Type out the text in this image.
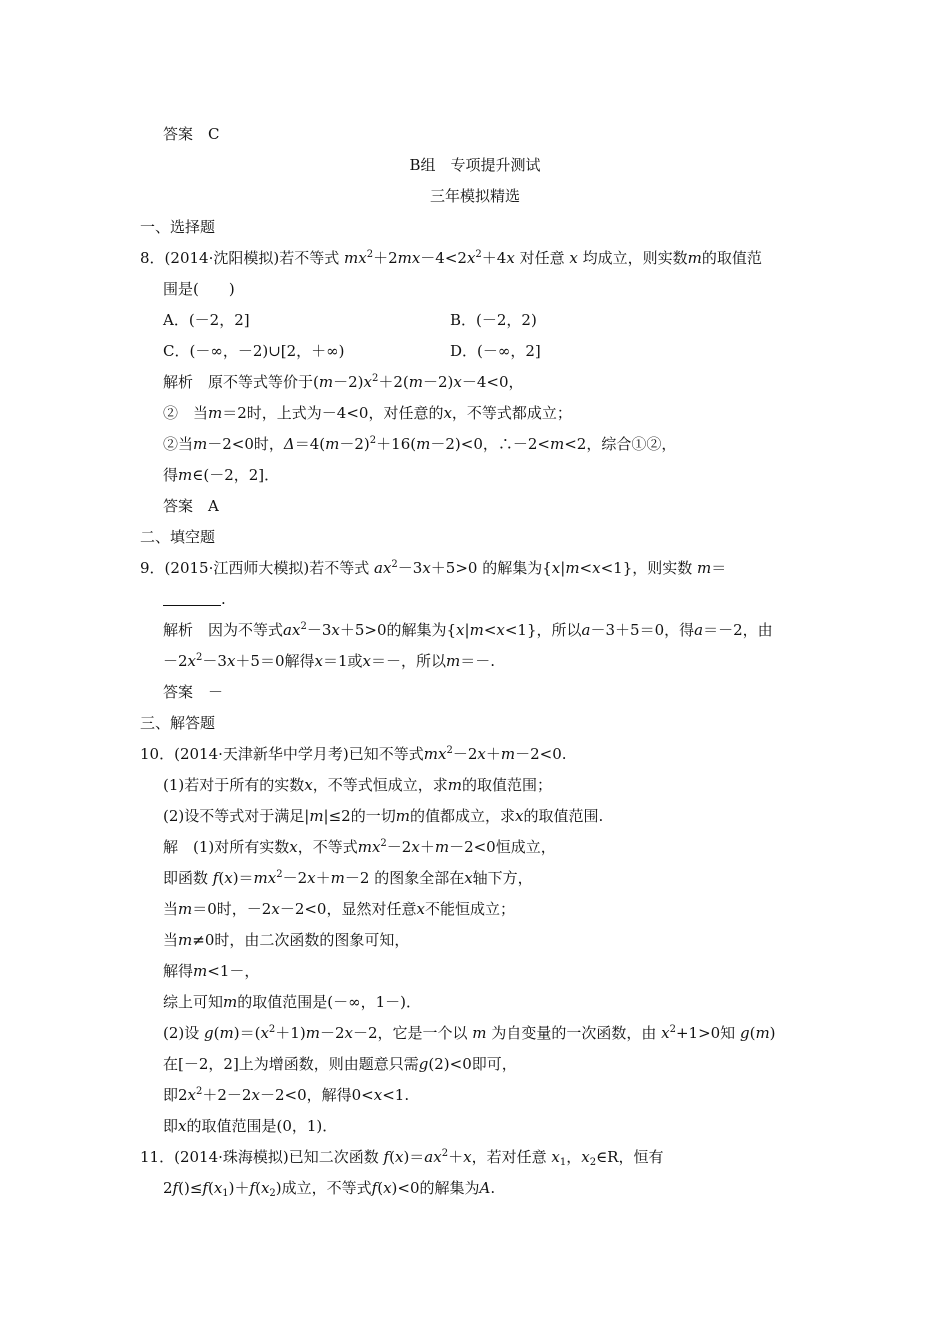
答案　C
B组　专项提升测试
三年模拟精选
一、选择题
8．(2014·沈阳模拟)若不等式 $mx^2+2mx-4<2x^2+4x$ 对任意 x 均成立，则实数m的取值范
围是(　　)
A．(－2，2]	B．(－2，2)
C．(－∞，－2)∪[2，＋∞)	D．(－∞，2]
解析　 原不等式等价于$(m-2)x^2+2(m-2)x-4<0$，
②　当m＝2时，上式为－4<0，对任意的x，不等式都成立；
②当m－2<0时，$\Delta=4(m-2)^2+16(m-2)<0$，∴－2<m<2，综合①②，
得m∈(－2，2]．
答案　A
二、填空题
9．(2015·江西师大模拟)若不等式 $ax^2-3x+5>0$ 的解集为{x|m<x<1}，则实数 m＝
.
解析　 因为不等式$ax^2-3x+5>0$的解集为{x|m<x<1}，所以a－3＋5＝0，得a＝－2，由
$-2x^2-3x+5=0$解得x＝1或x＝－，所以m＝－.
答案　－
三、解答题
10．(2014·天津新华中学月考)已知不等式$mx^2-2x+m-2<0$.
(1)若对于所有的实数x，不等式恒成立，求m的取值范围；
(2)设不等式对于满足|m|≤2的一切m的值都成立，求x的取值范围.
解　(1)对所有实数x，不等式$mx^2-2x+m-2<0$恒成立，
即函数 $f(x)=mx^2-2x+m-2$ 的图象全部在x轴下方，
当m＝0时，－2x－2<0，显然对任意x不能恒成立；
当m≠0时，由二次函数的图象可知，
解得m<1－，
综上可知m的取值范围是(－∞，1－)．
(2)设 $g(m)=(x^2+1)m-2x-2$，它是一个以 m 为自变量的一次函数，由 $x^2+1>0$知 g(m)
在[－2，2]上为增函数，则由题意只需g(2)<0即可，
即$2x^2+2-2x-2<0$，解得0<x<1.
即x的取值范围是(0，1)．
11．(2014·珠海模拟)已知二次函数 $f(x)=ax^2+x$，若对任意 $x_1$，$x_2\in R$，恒有
$2f()\le f(x_1)+f(x_2)$成立，不等式f(x)<0的解集为A.
